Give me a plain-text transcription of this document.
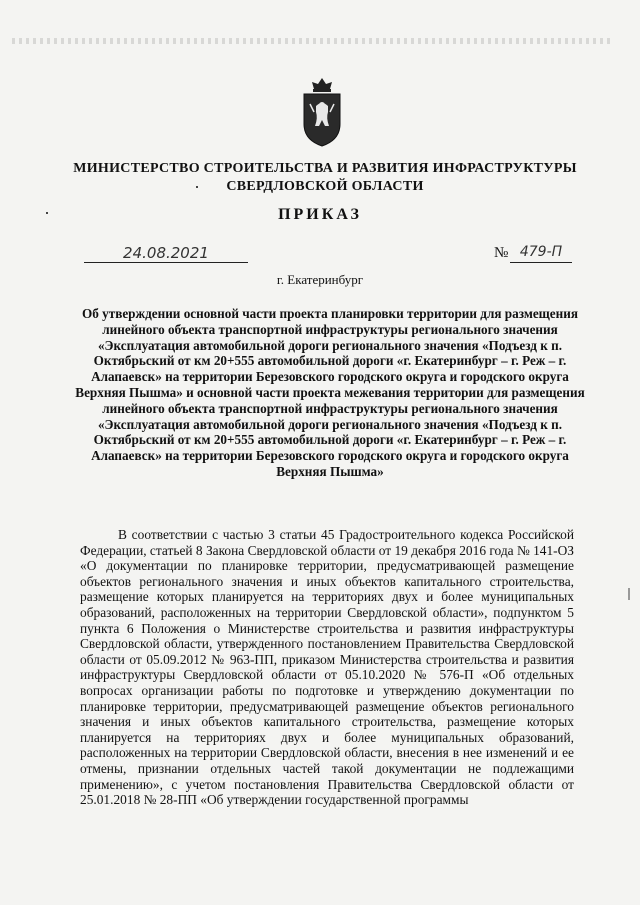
МИНИСТЕРСТВО СТРОИТЕЛЬСТВА И РАЗВИТИЯ ИНФРАСТРУКТУРЫ
СВЕРДЛОВСКОЙ ОБЛАСТИ
ПРИКАЗ
24.08.2021	№ 479-П
г. Екатеринбург
Об утверждении основной части проекта планировки территории для размещения линейного объекта транспортной инфраструктуры регионального значения «Эксплуатация автомобильной дороги регионального значения «Подъезд к п. Октябрьский от км 20+555 автомобильной дороги «г. Екатеринбург – г. Реж – г. Алапаевск» на территории Березовского городского округа и городского округа Верхняя Пышма» и основной части проекта межевания территории для размещения линейного объекта транспортной инфраструктуры регионального значения «Эксплуатация автомобильной дороги регионального значения «Подъезд к п. Октябрьский от км 20+555 автомобильной дороги «г. Екатеринбург – г. Реж – г. Алапаевск» на территории Березовского городского округа и городского округа Верхняя Пышма»

В соответствии с частью 3 статьи 45 Градостроительного кодекса Российской Федерации, статьей 8 Закона Свердловской области от 19 декабря 2016 года № 141-ОЗ «О документации по планировке территории, предусматривающей размещение объектов регионального значения и иных объектов капитального строительства, размещение которых планируется на территориях двух и более муниципальных образований, расположенных на территории Свердловской области», подпунктом 5 пункта 6 Положения о Министерстве строительства и развития инфраструктуры Свердловской области, утвержденного постановлением Правительства Свердловской области от 05.09.2012 № 963-ПП, приказом Министерства строительства и развития инфраструктуры Свердловской области от 05.10.2020 № 576-П «Об отдельных вопросах организации работы по подготовке и утверждению документации по планировке территории, предусматривающей размещение объектов регионального значения и иных объектов капитального строительства, размещение которых планируется на территориях двух и более муниципальных образований, расположенных на территории Свердловской области, внесения в нее изменений и ее отмены, признании отдельных частей такой документации не подлежащими применению», с учетом постановления Правительства Свердловской области от 25.01.2018 № 28-ПП «Об утверждении государственной программы
